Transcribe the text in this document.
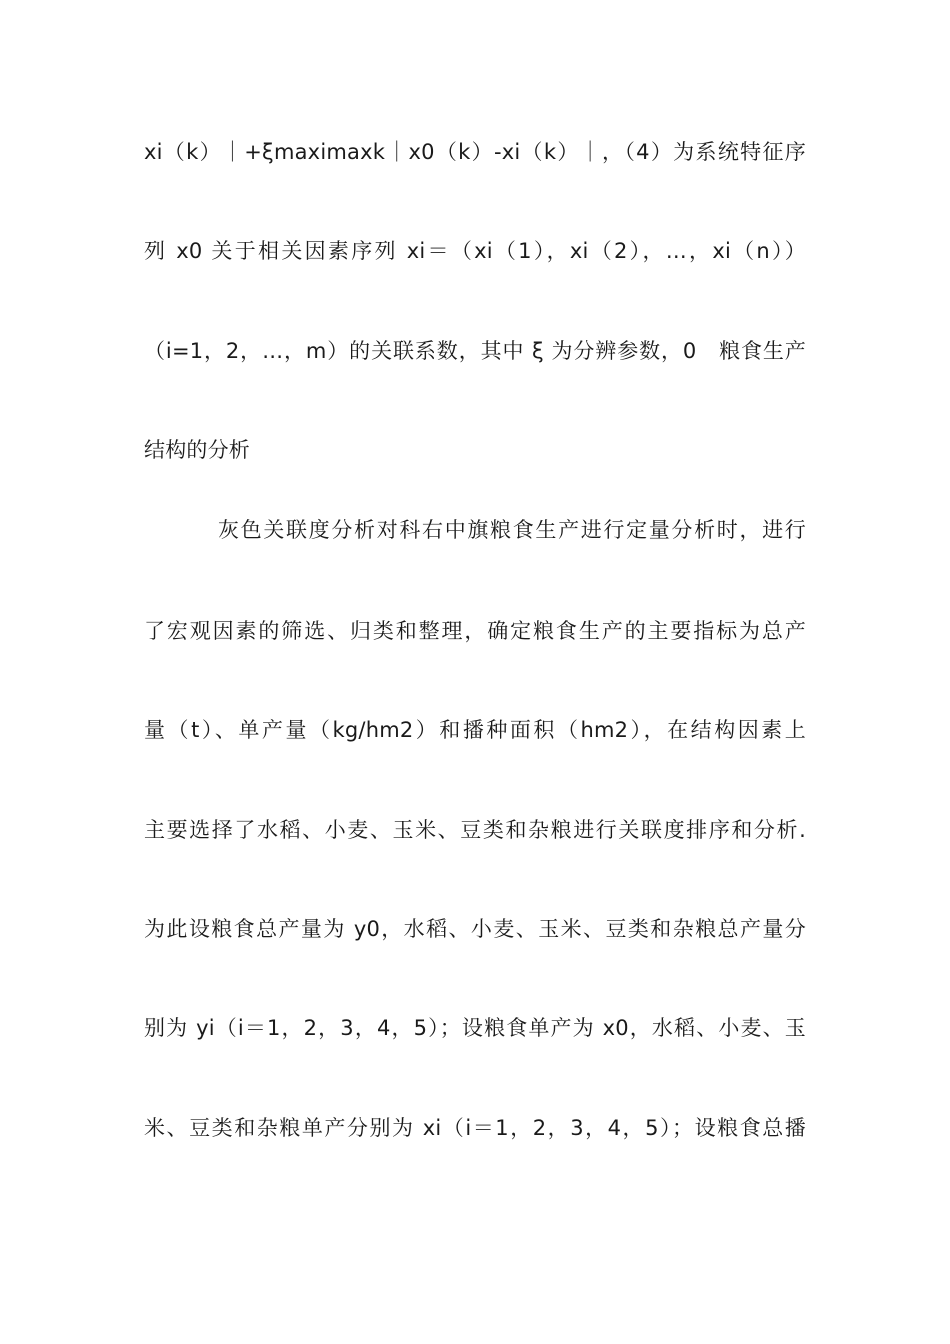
xi（k）｜+ξmaximaxk｜x0（k）-xi（k）｜，（4）为系统特征序
列 x0 关于相关因素序列 xi＝（xi（1），xi（2），…，xi（n））
（i=1，2，…，m）的关联系数，其中 ξ 为分辨参数，0　粮食生产
结构的分析
灰色关联度分析对科右中旗粮食生产进行定量分析时，进行
了宏观因素的筛选、归类和整理，确定粮食生产的主要指标为总产
量（t）、单产量（kg/hm2）和播种面积（hm2），在结构因素上
主要选择了水稻、小麦、玉米、豆类和杂粮进行关联度排序和分析.
为此设粮食总产量为 y0，水稻、小麦、玉米、豆类和杂粮总产量分
别为 yi（i＝1，2，3，4，5）；设粮食单产为 x0，水稻、小麦、玉
米、豆类和杂粮单产分别为 xi（i＝1，2，3，4，5）；设粮食总播
